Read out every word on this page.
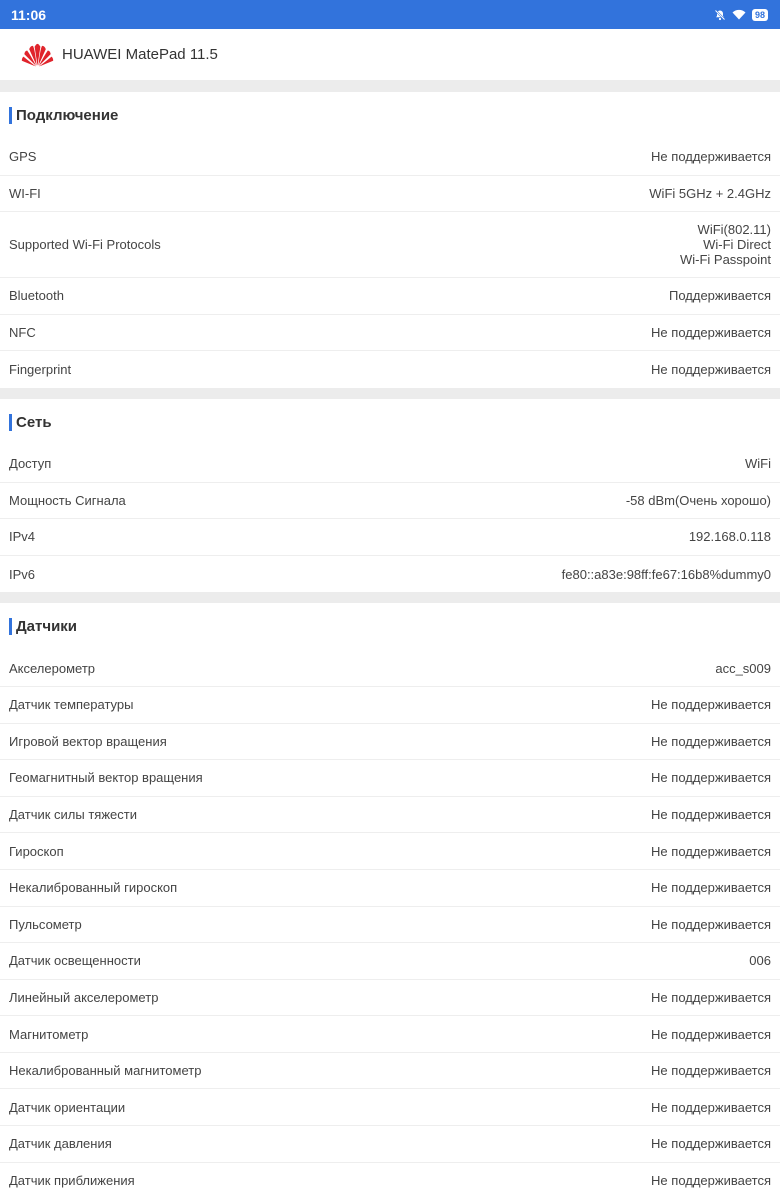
11:06	98
HUAWEI MatePad 11.5
Подключение
GPS	Не поддерживается
WI-FI	WiFi 5GHz + 2.4GHz
Supported Wi-Fi Protocols
WiFi(802.11)
Wi-Fi Direct
Wi-Fi Passpoint
Bluetooth	Поддерживается
NFC	Не поддерживается
Fingerprint	Не поддерживается
Сеть
Доступ	WiFi
Мощность Сигнала	-58 dBm(Очень хорошо)
IPv4	192.168.0.118
IPv6	fe80::a83e:98ff:fe67:16b8%dummy0
Датчики
Акселерометр	acc_s009
Датчик температуры	Не поддерживается
Игровой вектор вращения	Не поддерживается
Геомагнитный вектор вращения	Не поддерживается
Датчик силы тяжести	Не поддерживается
Гироскоп	Не поддерживается
Некалиброванный гироскоп	Не поддерживается
Пульсометр	Не поддерживается
Датчик освещенности	006
Линейный акселерометр	Не поддерживается
Магнитометр	Не поддерживается
Некалиброванный магнитометр	Не поддерживается
Датчик ориентации	Не поддерживается
Датчик давления	Не поддерживается
Датчик приближения	Не поддерживается
